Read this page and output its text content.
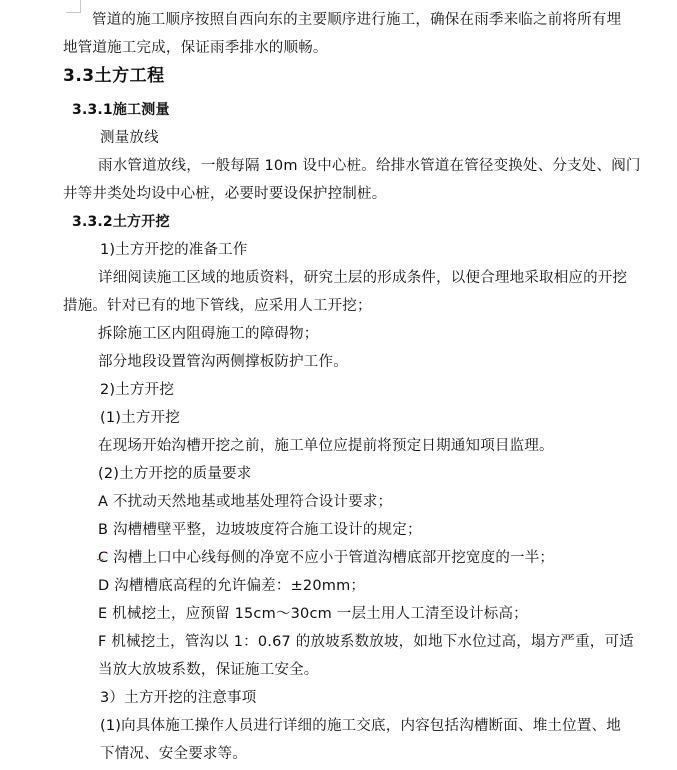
管道的施工顺序按照自西向东的主要顺序进行施工，确保在雨季来临之前将所有埋
地管道施工完成，保证雨季排水的顺畅。
3.3土方工程
3.3.1施工测量
测量放线
雨水管道放线，一般每隔 10m 设中心桩。给排水管道在管径变换处、分支处、阀门
井等井类处均设中心桩，必要时要设保护控制桩。
3.3.2土方开挖
1)土方开挖的准备工作
详细阅读施工区域的地质资料，研究土层的形成条件，以便合理地采取相应的开挖
措施。针对已有的地下管线，应采用人工开挖；
拆除施工区内阻碍施工的障碍物；
部分地段设置管沟两侧撑板防护工作。
2)土方开挖
(1)土方开挖
在现场开始沟槽开挖之前，施工单位应提前将预定日期通知项目监理。
(2)土方开挖的质量要求
A 不扰动天然地基或地基处理符合设计要求；
B 沟槽槽壁平整，边坡坡度符合施工设计的规定；
C 沟槽上口中心线每侧的净宽不应小于管道沟槽底部开挖宽度的一半；
D 沟槽槽底高程的允许偏差：±20mm；
E 机械挖土，应预留 15cm～30cm 一层土用人工清至设计标高；
F 机械挖土，管沟以 1：0.67 的放坡系数放坡，如地下水位过高，塌方严重，可适
当放大放坡系数，保证施工安全。
3）土方开挖的注意事项
(1)向具体施工操作人员进行详细的施工交底，内容包括沟槽断面、堆土位置、地
下情况、安全要求等。
